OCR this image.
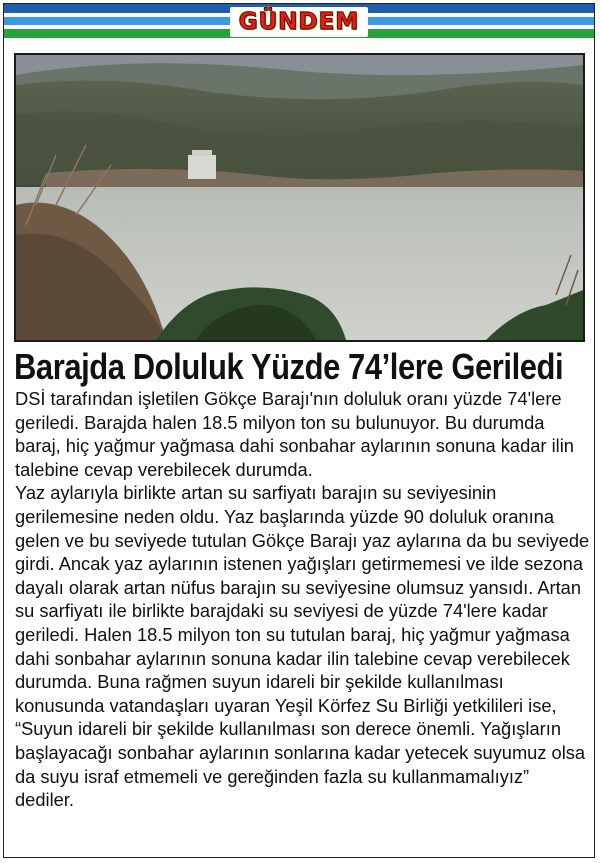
GÜNDEM
Barajda Doluluk Yüzde 74’lere Geriledi

DSİ tarafından işletilen Gökçe Barajı'nın doluluk oranı yüzde 74'lere geriledi. Barajda halen 18.5 milyon ton su bulunuyor. Bu durumda baraj, hiç yağmur yağmasa dahi sonbahar aylarının sonuna kadar ilin talebine cevap verebilecek durumda.

Yaz aylarıyla birlikte artan su sarfiyatı barajın su seviyesinin gerilemesine neden oldu. Yaz başlarında yüzde 90 doluluk oranına gelen ve bu seviyede tutulan Gökçe Barajı yaz aylarına da bu seviyede girdi. Ancak yaz aylarının istenen yağışları getirmemesi ve ilde sezona dayalı olarak artan nüfus barajın su seviyesine olumsuz yansıdı. Artan su sarfiyatı ile birlikte barajdaki su seviyesi de yüzde 74'lere kadar geriledi. Halen 18.5 milyon ton su tutulan baraj, hiç yağmur yağmasa dahi sonbahar aylarının sonuna kadar ilin talebine cevap verebilecek durumda. Buna rağmen suyun idareli bir şekilde kullanılması konusunda vatandaşları uyaran Yeşil Körfez Su Birliği yetkilileri ise, “Suyun idareli bir şekilde kullanılması son derece önemli. Yağışların başlayacağı sonbahar aylarının sonlarına kadar yetecek suyumuz olsa da suyu israf etmemeli ve gereğinden fazla su kullanmamalıyız” dediler.
